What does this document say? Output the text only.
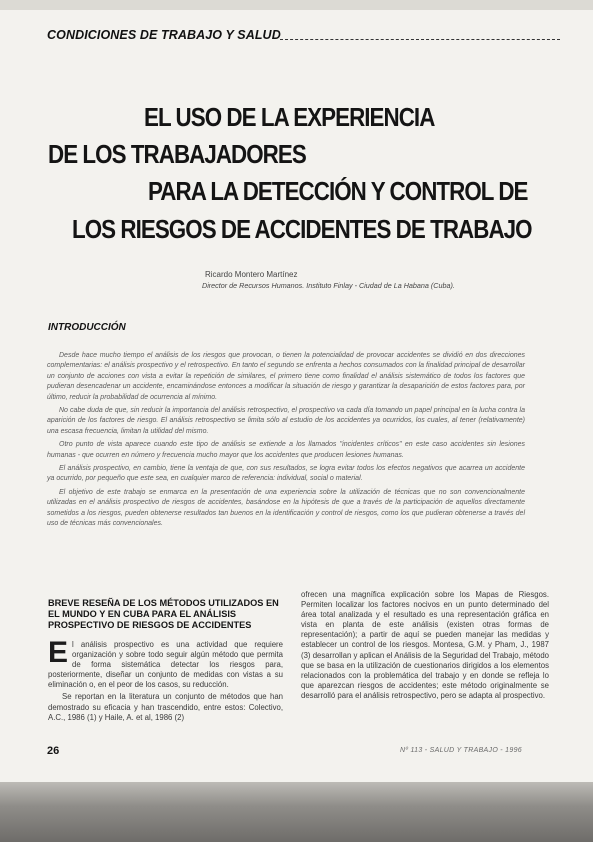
CONDICIONES DE TRABAJO Y SALUD
EL USO DE LA EXPERIENCIA
DE LOS TRABAJADORES
PARA LA DETECCIÓN Y CONTROL DE
LOS RIESGOS DE ACCIDENTES DE TRABAJO
Ricardo Montero Martínez
Director de Recursos Humanos. Instituto Finlay - Ciudad de La Habana (Cuba).
INTRODUCCIÓN

Desde hace mucho tiempo el análisis de los riesgos que provocan, o tienen la potencialidad de provocar accidentes se dividió en dos direcciones complementarias: el análisis prospectivo y el retrospectivo. En tanto el segundo se enfrenta a hechos consumados con la finalidad principal de desarrollar un conjunto de acciones con vista a evitar la repetición de similares, el primero tiene como finalidad el análisis sistemático de todos los factores que pudieran desencadenar un accidente, encaminándose entonces a modificar la situación de riesgo y garantizar la desaparición de estos factores para, por último, reducir la probabilidad de ocurrencia al mínimo.

No cabe duda de que, sin reducir la importancia del análisis retrospectivo, el prospectivo va cada día tomando un papel principal en la lucha contra la aparición de los factores de riesgo. El análisis retrospectivo se limita sólo al estudio de los accidentes ya ocurridos, los cuales, al tener (relativamente) una escasa frecuencia, limitan la utilidad del mismo.

Otro punto de vista aparece cuando este tipo de análisis se extiende a los llamados "incidentes críticos" en este caso accidentes sin lesiones humanas - que ocurren en número y frecuencia mucho mayor que los accidentes que producen lesiones humanas.

El análisis prospectivo, en cambio, tiene la ventaja de que, con sus resultados, se logra evitar todos los efectos negativos que acarrea un accidente ya ocurrido, por pequeño que este sea, en cualquier marco de referencia: individual, social o material.

El objetivo de este trabajo se enmarca en la presentación de una experiencia sobre la utilización de técnicas que no son convencionalmente utilizadas en el análisis prospectivo de riesgos de accidentes, basándose en la hipótesis de que a través de la participación de aquellos directamente sometidos a los riesgos, pueden obtenerse resultados tan buenos en la identificación y control de riesgos, como los que pudieran obtenerse a través del uso de técnicas más convencionales.

BREVE RESEÑA DE LOS MÉTODOS UTILIZADOS EN EL MUNDO Y EN CUBA PARA EL ANÁLISIS PROSPECTIVO DE RIESGOS DE ACCIDENTES

El análisis prospectivo es una actividad que requiere organización y sobre todo seguir algún método que permita de forma sistemática detectar los riesgos para, posteriormente, diseñar un conjunto de medidas con vistas a su eliminación o, en el peor de los casos, su reducción.

Se reportan en la literatura un conjunto de métodos que han demostrado su eficacia y han trascendido, entre estos: Colectivo, A.C., 1986 (1) y Haile, A. et al, 1986 (2)

ofrecen una magnífica explicación sobre los Mapas de Riesgos. Permiten localizar los factores nocivos en un punto determinado del área total analizada y el resultado es una representación gráfica en vista en planta de este análisis (existen otras formas de representación); a partir de aquí se pueden manejar las medidas y establecer un control de los riesgos. Montesa, G.M. y Pham, J., 1987 (3) desarrollan y aplican el Análisis de la Seguridad del Trabajo, método que se basa en la utilización de cuestionarios dirigidos a los elementos relacionados con la problemática del trabajo y en donde se refleja lo que aparezcan riesgos de accidentes; este método originalmente se desarrolló para el análisis retrospectivo, pero se adapta al prospectivo.

26	Nº 113 - SALUD Y TRABAJO - 1996
